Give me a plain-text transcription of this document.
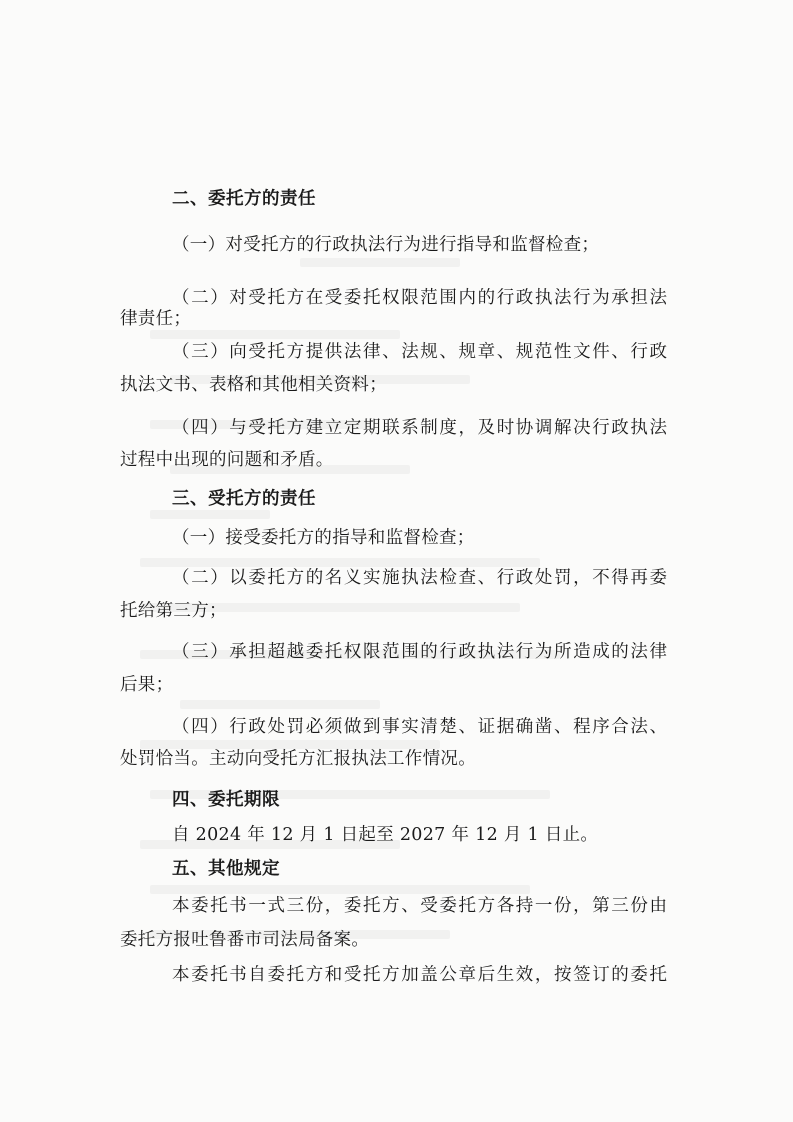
二、委托方的责任
（一）对受托方的行政执法行为进行指导和监督检查；
（二）对受托方在受委托权限范围内的行政执法行为承担法
律责任；
（三）向受托方提供法律、法规、规章、规范性文件、行政
执法文书、表格和其他相关资料；
（四）与受托方建立定期联系制度，及时协调解决行政执法
过程中出现的问题和矛盾。
三、受托方的责任
（一）接受委托方的指导和监督检查；
（二）以委托方的名义实施执法检查、行政处罚，不得再委
托给第三方；
（三）承担超越委托权限范围的行政执法行为所造成的法律
后果；
（四）行政处罚必须做到事实清楚、证据确凿、程序合法、
处罚恰当。主动向受托方汇报执法工作情况。
四、委托期限
自 2024 年 12 月 1 日起至 2027 年 12 月 1 日止。
五、其他规定
本委托书一式三份，委托方、受委托方各持一份，第三份由
委托方报吐鲁番市司法局备案。
本委托书自委托方和受托方加盖公章后生效，按签订的委托
